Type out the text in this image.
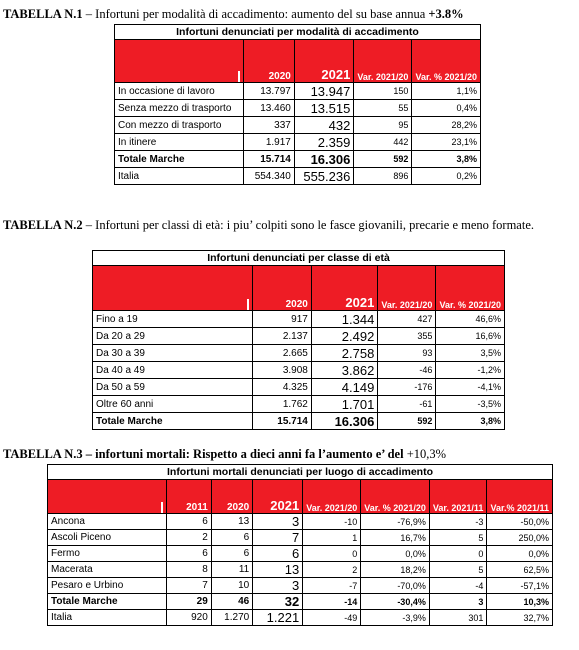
TABELLA N.1 – Infortuni per modalità di accadimento: aumento del su base annua +3.8%
Infortuni denunciati per modalità di accadimento				
	2020	2021	Var. 2021/20	Var. % 2021/20
In occasione di lavoro	13.797	13.947	150	1,1%
Senza mezzo di trasporto	13.460	13.515	55	0,4%
Con mezzo di trasporto	337	432	95	28,2%
In itinere	1.917	2.359	442	23,1%
Totale Marche	15.714	16.306	592	3,8%
Italia	554.340	555.236	896	0,2%
TABELLA N.2 – Infortuni per classi di età: i piu’ colpiti sono le fasce giovanili, precarie e meno formate.
Infortuni denunciati per classe di età				
	2020	2021	Var. 2021/20	Var. % 2021/20
Fino a 19	917	1.344	427	46,6%
Da 20 a 29	2.137	2.492	355	16,6%
Da 30 a 39	2.665	2.758	93	3,5%
Da 40 a 49	3.908	3.862	-46	-1,2%
Da 50 a 59	4.325	4.149	-176	-4,1%
Oltre 60 anni	1.762	1.701	-61	-3,5%
Totale Marche	15.714	16.306	592	3,8%
TABELLA N.3 – infortuni mortali: Rispetto a dieci anni fa l’aumento e’ del +10,3%
Infortuni mortali denunciati per luogo di accadimento							
	2011	2020	2021	Var. 2021/20	Var. % 2021/20	Var. 2021/11	Var.% 2021/11
Ancona	6	13	3	-10	-76,9%	-3	-50,0%
Ascoli Piceno	2	6	7	1	16,7%	5	250,0%
Fermo	6	6	6	0	0,0%	0	0,0%
Macerata	8	11	13	2	18,2%	5	62,5%
Pesaro e Urbino	7	10	3	-7	-70,0%	-4	-57,1%
Totale Marche	29	46	32	-14	-30,4%	3	10,3%
Italia	920	1.270	1.221	-49	-3,9%	301	32,7%
